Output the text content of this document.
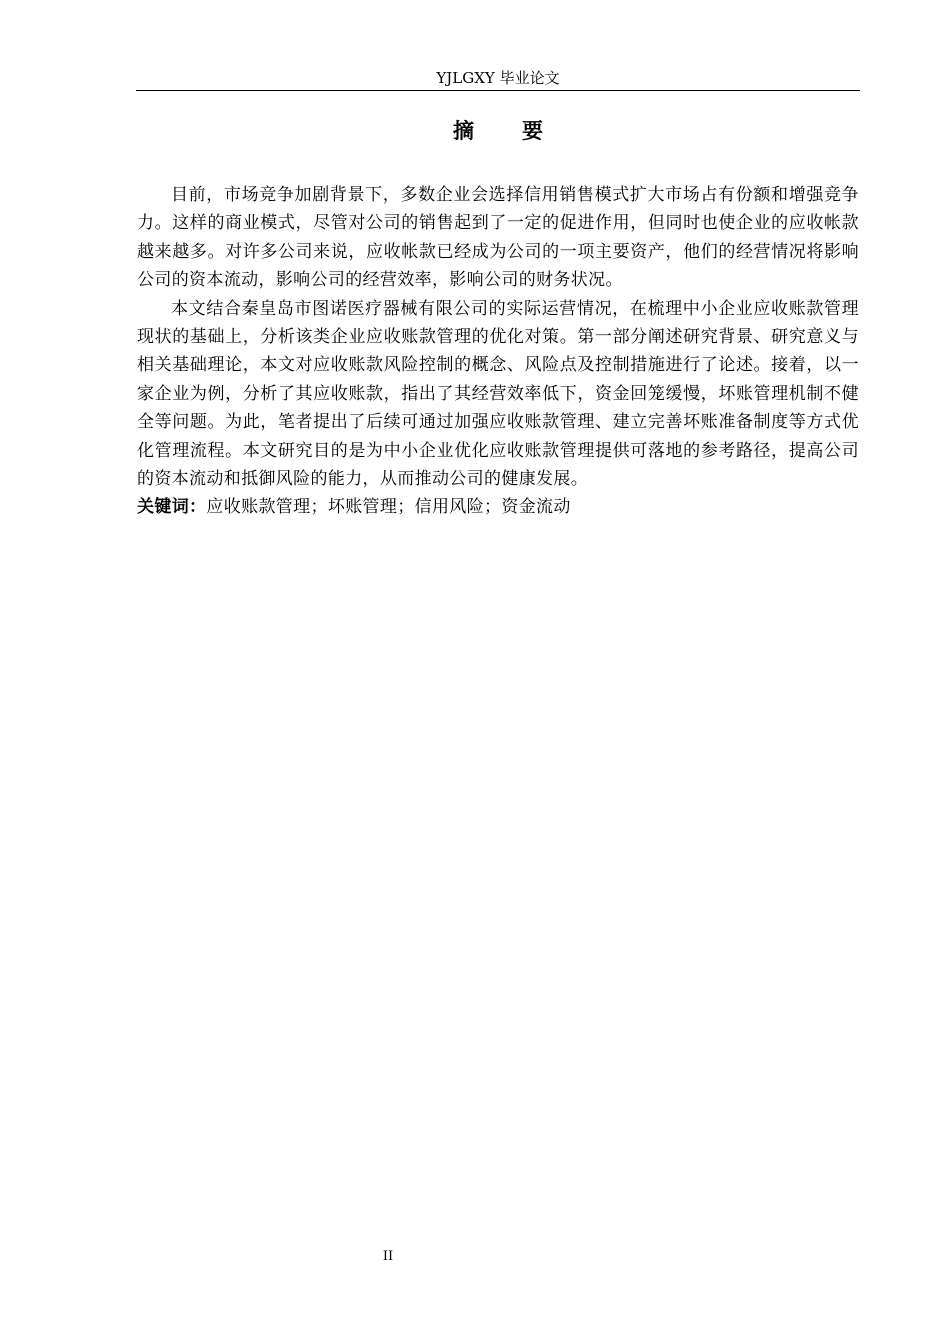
YJLGXY 毕业论文
摘 要

目前，市场竞争加剧背景下，多数企业会选择信用销售模式扩大市场占有份额和增强竞争力。这样的商业模式，尽管对公司的销售起到了一定的促进作用，但同时也使企业的应收帐款越来越多。对许多公司来说，应收帐款已经成为公司的一项主要资产，他们的经营情况将影响公司的资本流动，影响公司的经营效率，影响公司的财务状况。

本文结合秦皇岛市图诺医疗器械有限公司的实际运营情况，在梳理中小企业应收账款管理现状的基础上，分析该类企业应收账款管理的优化对策。第一部分阐述研究背景、研究意义与相关基础理论，本文对应收账款风险控制的概念、风险点及控制措施进行了论述。接着，以一家企业为例，分析了其应收账款，指出了其经营效率低下，资金回笼缓慢，坏账管理机制不健全等问题。为此，笔者提出了后续可通过加强应收账款管理、建立完善坏账准备制度等方式优化管理流程。本文研究目的是为中小企业优化应收账款管理提供可落地的参考路径，提高公司的资本流动和抵御风险的能力，从而推动公司的健康发展。

关键词：应收账款管理；坏账管理；信用风险；资金流动

II
